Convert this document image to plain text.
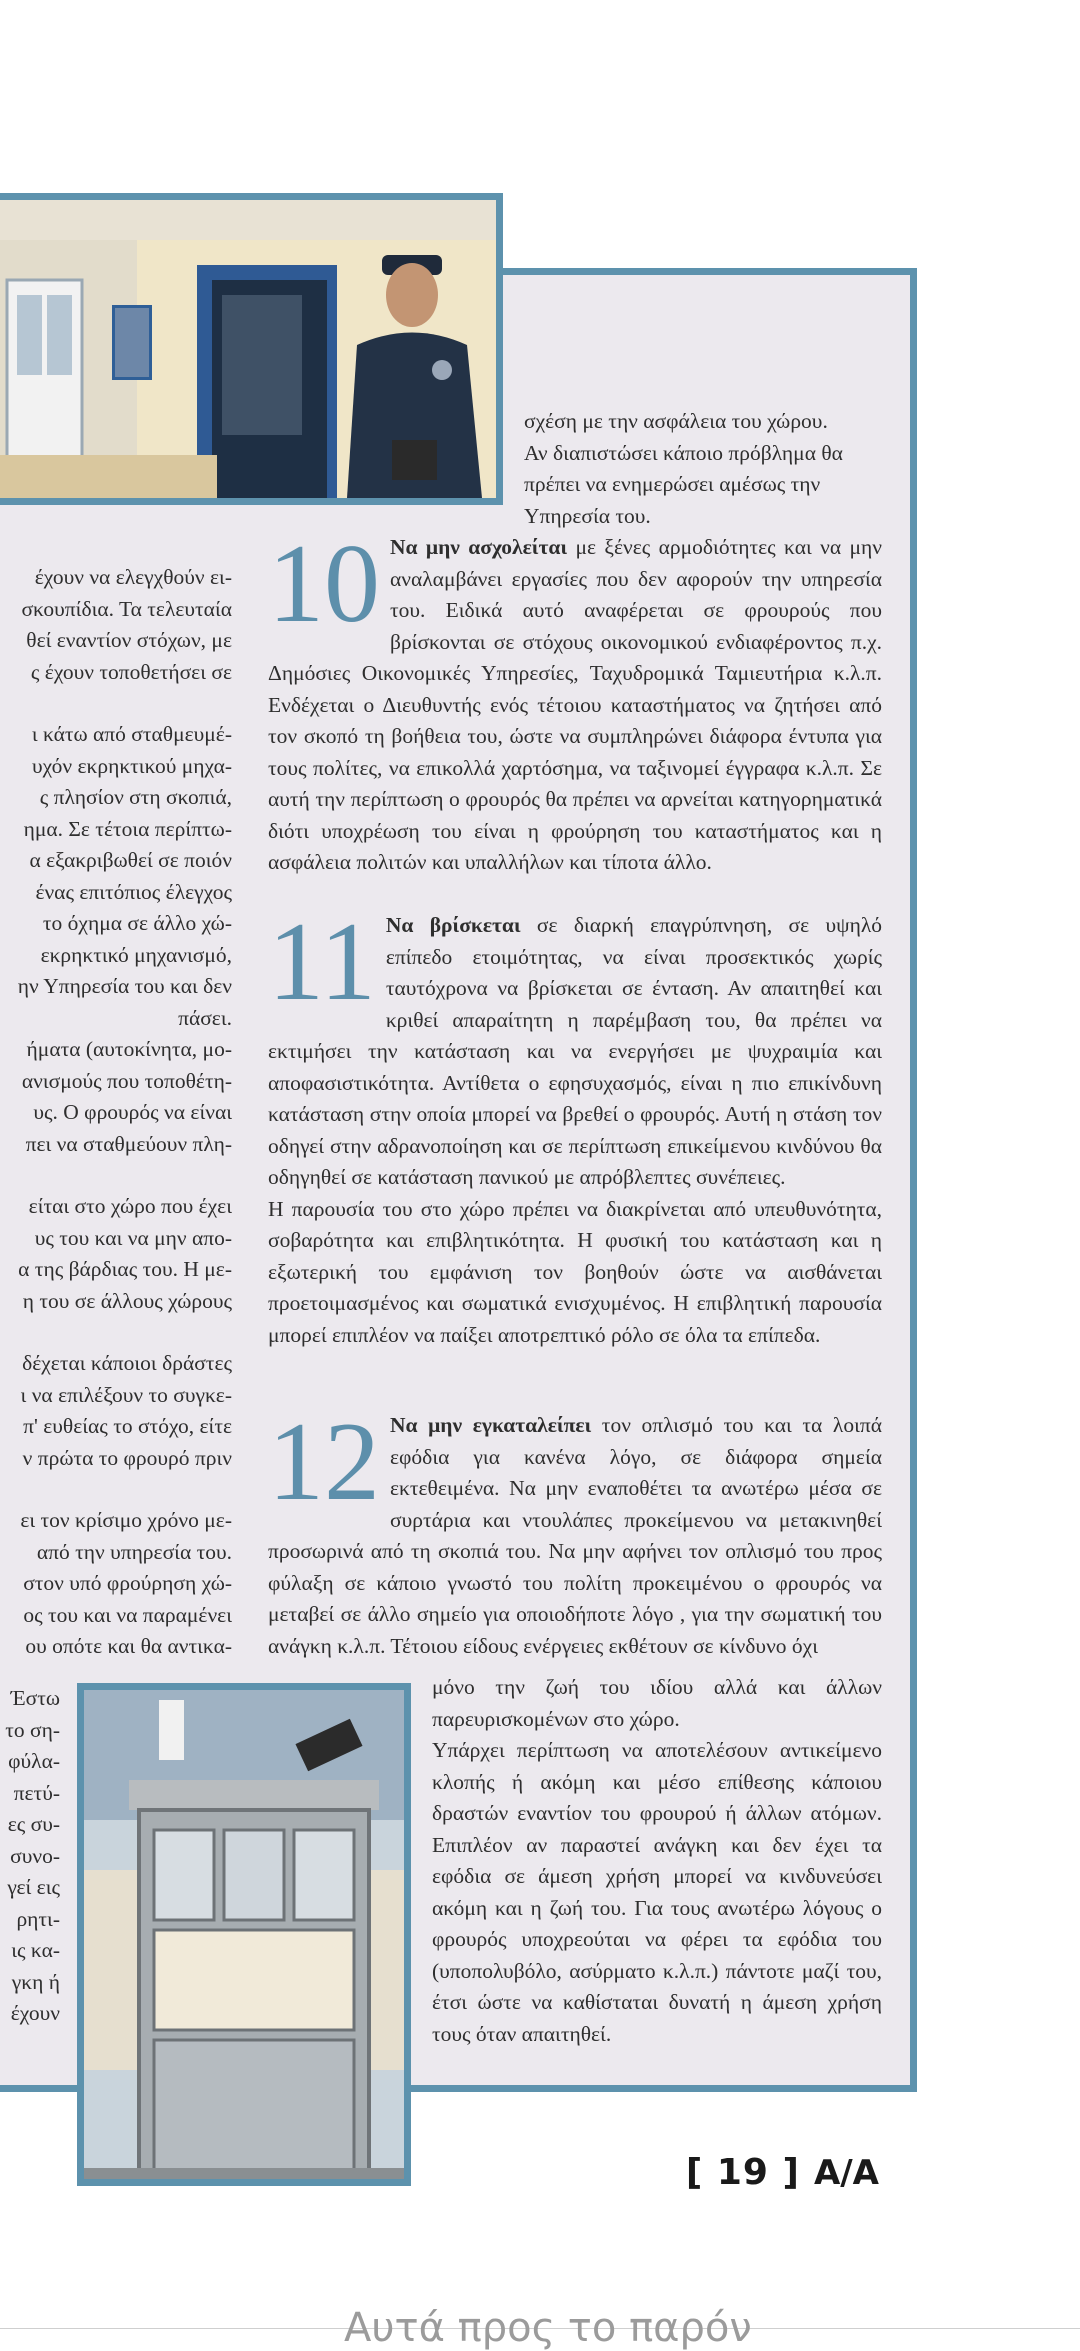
σχέση με την ασφάλεια του χώρου.
Αν διαπιστώσει κάποιο πρόβλημα θα
πρέπει να ενημερώσει αμέσως την
Υπηρεσία του.

10 Να μην ασχολείται με ξένες αρμοδιότητες και να μην αναλαμβάνει εργασίες που δεν αφορούν την υπηρεσία του. Ειδικά αυτό αναφέρεται σε φρουρούς που βρίσκονται σε στόχους οικονομικού ενδιαφέροντος π.χ. Δημόσιες Οικονομικές Υπηρεσίες, Ταχυδρομικά Ταμιευτήρια κ.λ.π. Ενδέχεται ο Διευθυντής ενός τέτοιου καταστήματος να ζητήσει από τον σκοπό τη βοήθεια του, ώστε να συμπληρώνει διάφορα έντυπα για τους πολίτες, να επικολλά χαρτόσημα, να ταξινομεί έγγραφα κ.λ.π. Σε αυτή την περίπτωση ο φρουρός θα πρέπει να αρνείται κατηγορηματικά διότι υποχρέωση του είναι η φρούρηση του καταστήματος και η ασφάλεια πολιτών και υπαλλήλων και τίποτα άλλο.

11 Να βρίσκεται σε διαρκή επαγρύπνηση, σε υψηλό επίπεδο ετοιμότητας, να είναι προσεκτικός χωρίς ταυτόχρονα να βρίσκεται σε ένταση. Αν απαιτηθεί και κριθεί απαραίτητη η παρέμβαση του, θα πρέπει να εκτιμήσει την κατάσταση και να ενεργήσει με ψυχραιμία και αποφασιστικότητα. Αντίθετα ο εφησυχασμός, είναι η πιο επικίνδυνη κατάσταση στην οποία μπορεί να βρεθεί ο φρουρός. Αυτή η στάση τον οδηγεί στην αδρανοποίηση και σε περίπτωση επικείμενου κινδύνου θα οδηγηθεί σε κατάσταση πανικού με απρόβλεπτες συνέπειες.

Η παρουσία του στο χώρο πρέπει να διακρίνεται από υπευθυνότητα, σοβαρότητα και επιβλητικότητα. Η φυσική του κατάσταση και η εξωτερική του εμφάνιση τον βοηθούν ώστε να αισθάνεται προετοιμασμένος και σωματικά ενισχυμένος. Η επιβλητική παρουσία μπορεί επιπλέον να παίξει αποτρεπτικό ρόλο σε όλα τα επίπεδα.

12 Να μην εγκαταλείπει τον οπλισμό του και τα λοιπά εφόδια για κανένα λόγο, σε διάφορα σημεία εκτεθειμένα. Να μην εναποθέτει τα ανωτέρω μέσα σε συρτάρια και ντουλάπες προκείμενου να μετακινηθεί προσωρινά από τη σκοπιά του. Να μην αφήνει τον οπλισμό του προς φύλαξη σε κάποιο γνωστό του πολίτη προκειμένου ο φρουρός να μεταβεί σε άλλο σημείο για οποιοδήποτε λόγο , για την σωματική του ανάγκη κ.λ.π. Τέτοιου είδους ενέργειες εκθέτουν σε κίνδυνο όχι

μόνο την ζωή του ιδίου αλλά και άλλων παρευρισκομένων στο χώρο.

Υπάρχει περίπτωση να αποτελέσουν αντικείμενο κλοπής ή ακόμη και μέσο επίθεσης κάποιου δραστών εναντίον του φρουρού ή άλλων ατόμων. Επιπλέον αν παραστεί ανάγκη και δεν έχει τα εφόδια σε άμεση χρήση μπορεί να κινδυνεύσει ακόμη και η ζωή του. Για τους ανωτέρω λόγους ο φρουρός υποχρεούται να φέρει τα εφόδια του (υποπολυβόλο, ασύρματο κ.λ.π.) πάντοτε μαζί του, έτσι ώστε να καθίσταται δυνατή η άμεση χρήση τους όταν απαιτηθεί.

έχουν να ελεγχθούν ει-
σκουπίδια. Τα τελευταία
θεί εναντίον στόχων, με
ς έχουν τοποθετήσει σε
ι κάτω από σταθμευμέ-
υχόν εκρηκτικού μηχα-
ς πλησίον στη σκοπιά,
ημα. Σε τέτοια περίπτω-
α εξακριβωθεί σε ποιόν
ένας επιτόπιος έλεγχος
το όχημα σε άλλο χώ-
εκρηκτικό μηχανισμό,
ην Υπηρεσία του και δεν
πάσει.
ήματα (αυτοκίνητα, μο-
ανισμούς που τοποθέτη-
υς. Ο φρουρός να είναι
πει να σταθμεύουν πλη-
είται στο χώρο που έχει
υς του και να μην απο-
α της βάρδιας του. Η με-
η του σε άλλους χώρους
δέχεται κάποιοι δράστες
ι να επιλέξουν το συγκε-
π' ευθείας το στόχο, είτε
ν πρώτα το φρουρό πριν
ει τον κρίσιμο χρόνο με-
από την υπηρεσία του.
στον υπό φρούρηση χώ-
ος του και να παραμένει
ου οπότε και θα αντικα-
Έστω
το ση-
φύλα-
πετύ-
ες συ-
συνο-
γεί εις
ρητι-
ις κα-
γκη ή
έχουν
[ 19 ] A/A
Αυτά προς το παρόν
